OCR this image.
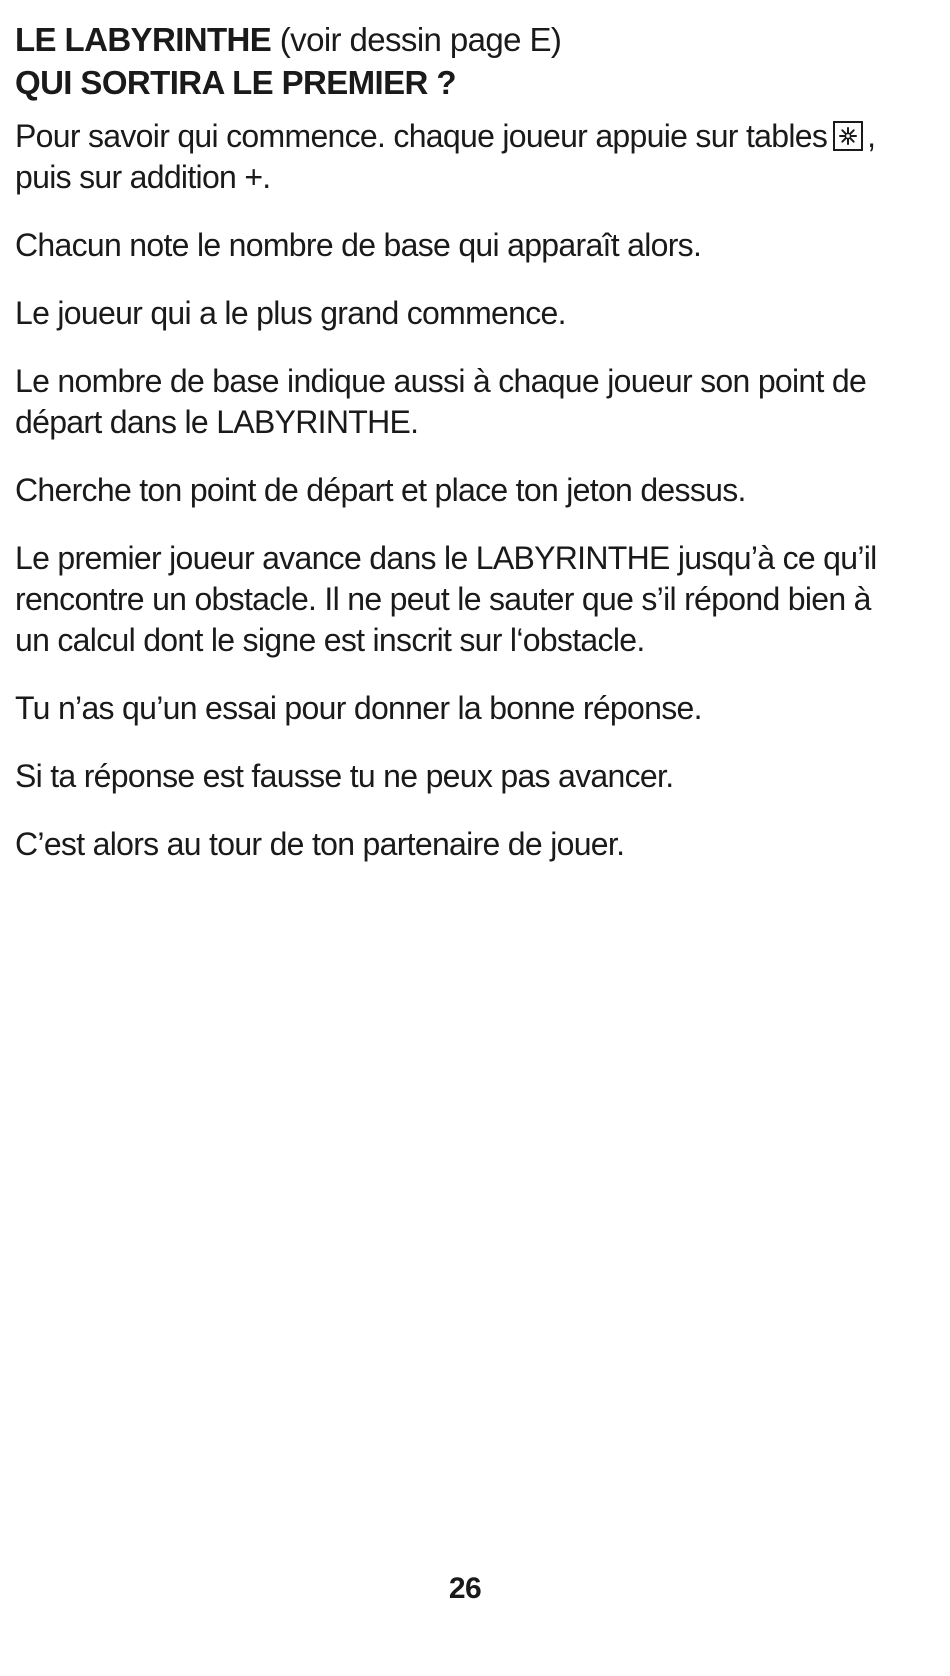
LE LABYRINTHE (voir dessin page E)

QUI SORTIRA LE PREMIER ?

Pour savoir qui commence. chaque joueur appuie sur tables ,
puis sur addition +.

Chacun note le nombre de base qui apparaît alors.

Le joueur qui a le plus grand commence.

Le nombre de base indique aussi à chaque joueur son point de
départ dans le LABYRINTHE.

Cherche ton point de départ et place ton jeton dessus.

Le premier joueur avance dans le LABYRINTHE jusqu’à ce qu’il
rencontre un obstacle. Il ne peut le sauter que s’il répond bien à
un calcul dont le signe est inscrit sur l‘obstacle.

Tu n’as qu’un essai pour donner la bonne réponse.

Si ta réponse est fausse tu ne peux pas avancer.

C’est alors au tour de ton partenaire de jouer.

26
